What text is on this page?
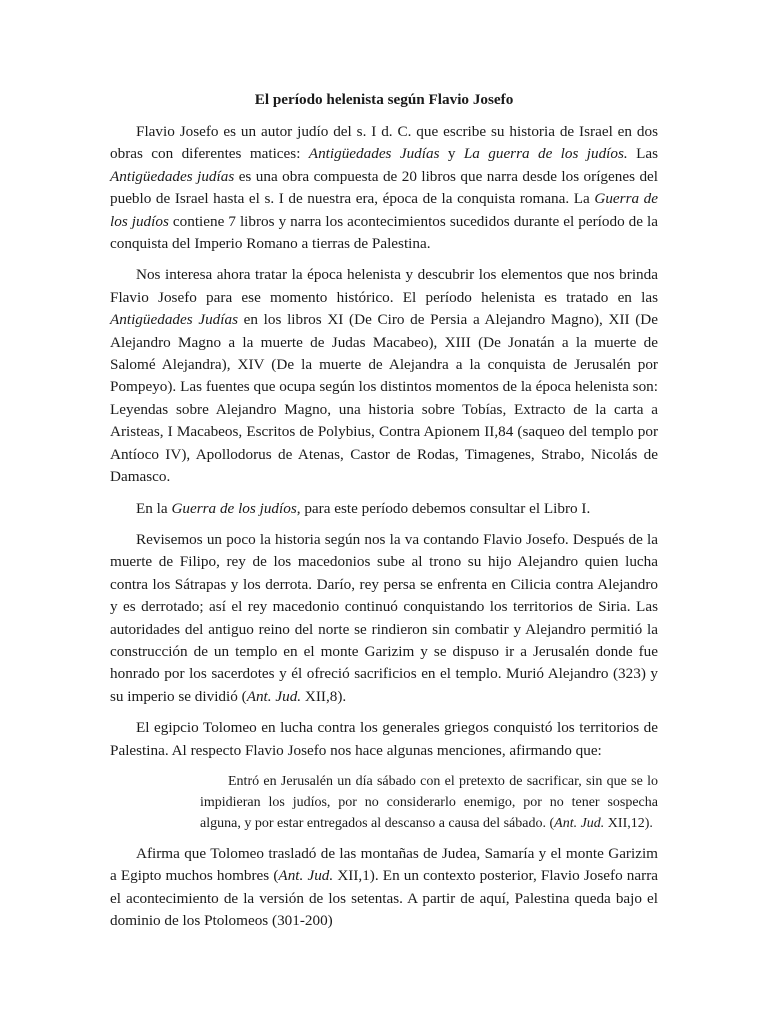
El período helenista según Flavio Josefo

Flavio Josefo es un autor judío del s. I d. C. que escribe su historia de Israel en dos obras con diferentes matices: Antigüedades Judías y La guerra de los judíos. Las Antigüedades judías es una obra compuesta de 20 libros que narra desde los orígenes del pueblo de Israel hasta el s. I de nuestra era, época de la conquista romana. La Guerra de los judíos contiene 7 libros y narra los acontecimientos sucedidos durante el período de la conquista del Imperio Romano a tierras de Palestina.

Nos interesa ahora tratar la época helenista y descubrir los elementos que nos brinda Flavio Josefo para ese momento histórico. El período helenista es tratado en las Antigüedades Judías en los libros XI (De Ciro de Persia a Alejandro Magno), XII (De Alejandro Magno a la muerte de Judas Macabeo), XIII (De Jonatán a la muerte de Salomé Alejandra), XIV (De la muerte de Alejandra a la conquista de Jerusalén por Pompeyo). Las fuentes que ocupa según los distintos momentos de la época helenista son: Leyendas sobre Alejandro Magno, una historia sobre Tobías, Extracto de la carta a Aristeas, I Macabeos, Escritos de Polybius, Contra Apionem II,84 (saqueo del templo por Antíoco IV), Apollodorus de Atenas, Castor de Rodas, Timagenes, Strabo, Nicolás de Damasco.

En la Guerra de los judíos, para este período debemos consultar el Libro I.

Revisemos un poco la historia según nos la va contando Flavio Josefo. Después de la muerte de Filipo, rey de los macedonios sube al trono su hijo Alejandro quien lucha contra los Sátrapas y los derrota. Darío, rey persa se enfrenta en Cilicia contra Alejandro y es derrotado; así el rey macedonio continuó conquistando los territorios de Siria. Las autoridades del antiguo reino del norte se rindieron sin combatir y Alejandro permitió la construcción de un templo en el monte Garizim y se dispuso ir a Jerusalén donde fue honrado por los sacerdotes y él ofreció sacrificios en el templo. Murió Alejandro (323) y su imperio se dividió (Ant. Jud. XII,8).

El egipcio Tolomeo en lucha contra los generales griegos conquistó los territorios de Palestina. Al respecto Flavio Josefo nos hace algunas menciones, afirmando que:

Entró en Jerusalén un día sábado con el pretexto de sacrificar, sin que se lo impidieran los judíos, por no considerarlo enemigo, por no tener sospecha alguna, y por estar entregados al descanso a causa del sábado. (Ant. Jud. XII,12).

Afirma que Tolomeo trasladó de las montañas de Judea, Samaría y el monte Garizim a Egipto muchos hombres (Ant. Jud. XII,1). En un contexto posterior, Flavio Josefo narra el acontecimiento de la versión de los setentas. A partir de aquí, Palestina queda bajo el dominio de los Ptolomeos (301-200)
